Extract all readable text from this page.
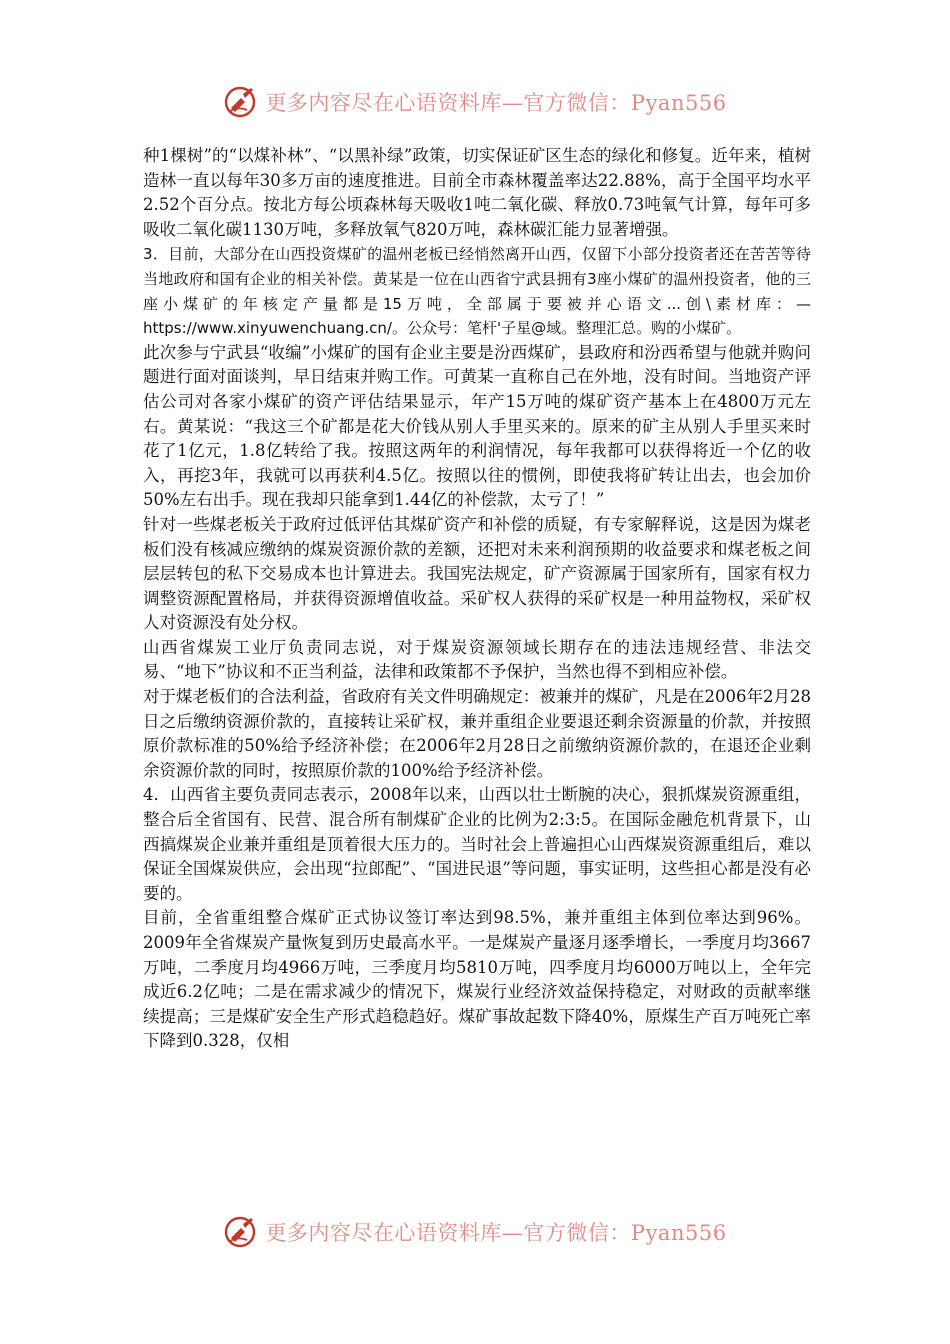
更多内容尽在心语资料库—官方微信：Pyan556

种1棵树”的“以煤补林”、“以黑补绿”政策，切实保证矿区生态的绿化和修复。近年来，植树造林一直以每年30多万亩的速度推进。目前全市森林覆盖率达22.88%，高于全国平均水平2.52个百分点。按北方每公顷森林每天吸收1吨二氧化碳、释放0.73吨氧气计算，每年可多吸收二氧化碳1130万吨，多释放氧气820万吨，森林碳汇能力显著增强。

3．目前，大部分在山西投资煤矿的温州老板已经悄然离开山西，仅留下小部分投资者还在苦苦等待当地政府和国有企业的相关补偿。黄某是一位在山西省宁武县拥有3座小煤矿的温州投资者，他的三座小煤矿的年核定产量都是15万吨，全部属于要被并心语文...创\素材库：—https://www.xinyuwenchuang.cn/。公众号：笔杆'子星@域。整理汇总。购的小煤矿。

此次参与宁武县“收编”小煤矿的国有企业主要是汾西煤矿，县政府和汾西希望与他就并购问题进行面对面谈判，早日结束并购工作。可黄某一直称自己在外地，没有时间。当地资产评估公司对各家小煤矿的资产评估结果显示，年产15万吨的煤矿资产基本上在4800万元左右。黄某说：“我这三个矿都是花大价钱从别人手里买来的。原来的矿主从别人手里买来时花了1亿元，1.8亿转给了我。按照这两年的利润情况，每年我都可以获得将近一个亿的收入，再挖3年，我就可以再获利4.5亿。按照以往的惯例，即使我将矿转让出去，也会加价50%左右出手。现在我却只能拿到1.44亿的补偿款，太亏了！”

针对一些煤老板关于政府过低评估其煤矿资产和补偿的质疑，有专家解释说，这是因为煤老板们没有核减应缴纳的煤炭资源价款的差额，还把对未来利润预期的收益要求和煤老板之间层层转包的私下交易成本也计算进去。我国宪法规定，矿产资源属于国家所有，国家有权力调整资源配置格局，并获得资源增值收益。采矿权人获得的采矿权是一种用益物权，采矿权人对资源没有处分权。

山西省煤炭工业厅负责同志说，对于煤炭资源领域长期存在的违法违规经营、非法交易、“地下”协议和不正当利益，法律和政策都不予保护，当然也得不到相应补偿。

对于煤老板们的合法利益，省政府有关文件明确规定：被兼并的煤矿，凡是在2006年2月28日之后缴纳资源价款的，直接转让采矿权，兼并重组企业要退还剩余资源量的价款，并按照原价款标准的50%给予经济补偿；在2006年2月28日之前缴纳资源价款的，在退还企业剩余资源价款的同时，按照原价款的100%给予经济补偿。

4．山西省主要负责同志表示，2008年以来，山西以壮士断腕的决心，狠抓煤炭资源重组，整合后全省国有、民营、混合所有制煤矿企业的比例为2:3:5。在国际金融危机背景下，山西搞煤炭企业兼并重组是顶着很大压力的。当时社会上普遍担心山西煤炭资源重组后，难以保证全国煤炭供应，会出现“拉郎配”、“国进民退”等问题，事实证明，这些担心都是没有必要的。

目前，全省重组整合煤矿正式协议签订率达到98.5%，兼并重组主体到位率达到96%。2009年全省煤炭产量恢复到历史最高水平。一是煤炭产量逐月逐季增长，一季度月均3667万吨，二季度月均4966万吨，三季度月均5810万吨，四季度月均6000万吨以上，全年完成近6.2亿吨；二是在需求减少的情况下，煤炭行业经济效益保持稳定，对财政的贡献率继续提高；三是煤矿安全生产形式趋稳趋好。煤矿事故起数下降40%，原煤生产百万吨死亡率下降到0.328，仅相

更多内容尽在心语资料库—官方微信：Pyan556
